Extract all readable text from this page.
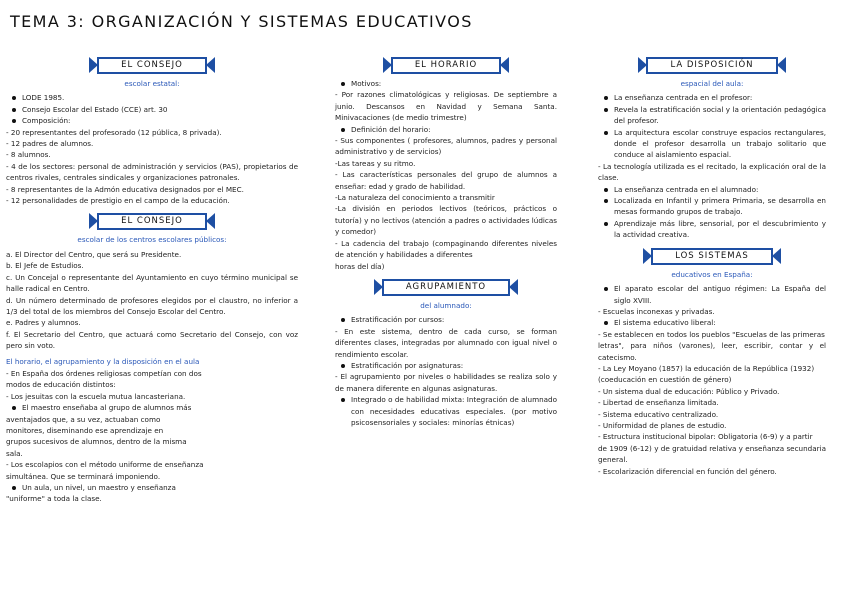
TEMA 3: ORGANIZACIÓN Y SISTEMAS EDUCATIVOS
EL CONSEJO
escolar estatal:
LODE 1985.
Consejo Escolar del Estado (CCE) art. 30
Composición:
- 20 representantes del profesorado (12 pública, 8 privada).
- 12 padres de alumnos.
- 8 alumnos.
- 4 de los sectores: personal de administración y servicios (PAS), propietarios de centros rivales, centrales sindicales y organizaciones patronales.
- 8 representantes de la Admón educativa designados por el MEC.
- 12 personalidades de prestigio en el campo de la educación.
EL CONSEJO
escolar de los centros escolares públicos:
a. El Director del Centro, que será su Presidente.
b. El Jefe de Estudios.
c. Un Concejal o representante del Ayuntamiento en cuyo término municipal se halle radical en Centro.
d. Un número determinado de profesores elegidos por el claustro, no inferior a 1/3 del total de los miembros del Consejo Escolar del Centro.
e. Padres y alumnos.
f. El Secretario del Centro, que actuará como Secretario del Consejo, con voz pero sin voto.
El horario, el agrupamiento y la disposición en el aula
- En España dos órdenes religiosas competían con dos
modos de educación distintos:
- Los jesuitas con la escuela mutua lancasteriana.
El maestro enseñaba al grupo de alumnos más
aventajados que, a su vez, actuaban como
monitores, diseminando ese aprendizaje en
grupos sucesivos de alumnos, dentro de la misma
sala.
- Los escolapios con el método uniforme de enseñanza
simultánea. Que se terminará imponiendo.
Un aula, un nivel, un maestro y enseñanza
"uniforme" a toda la clase.
EL HORARIO
Motivos:
- Por razones climatológicas y religiosas. De septiembre a junio. Descansos en Navidad y Semana Santa. Minivacaciones (de medio trimestre)
Definición del horario:
- Sus componentes ( profesores, alumnos, padres y personal administrativo y de servicios)
-Las tareas y su ritmo.
- Las características personales del grupo de alumnos a enseñar: edad y grado de habilidad.
-La naturaleza del conocimiento a transmitir
-La división en periodos lectivos (teóricos, prácticos o tutoría) y no lectivos (atención a padres o actividades lúdicas y comedor)
- La cadencia del trabajo (compaginando diferentes niveles de atención y habilidades a diferentes
horas del día)
AGRUPAMIENTO
del alumnado:
Estratificación por cursos:
- En este sistema, dentro de cada curso, se forman diferentes clases, integradas por alumnado con igual nivel o rendimiento escolar.
Estratificación por asignaturas:
- El agrupamiento por niveles o habilidades se realiza solo y de manera diferente en algunas asignaturas.
Integrado o de habilidad mixta: Integración de alumnado con necesidades educativas especiales. (por motivo psicosensoriales y sociales: minorías étnicas)
LA DISPOSICIÓN
espacial del aula:
La enseñanza centrada en el profesor:
Revela la estratificación social y la orientación pedagógica del profesor.
La arquitectura escolar construye espacios rectangulares, donde el profesor desarrolla un trabajo solitario que conduce al aislamiento espacial.
- La tecnología utilizada es el recitado, la explicación oral de la clase.
La enseñanza centrada en el alumnado:
Localizada en Infantil y primera Primaria, se desarrolla en mesas formando grupos de trabajo.
Aprendizaje más libre, sensorial, por el descubrimiento y la actividad creativa.
LOS SISTEMAS
educativos en España:
El aparato escolar del antiguo régimen: La España del siglo XVIII.
- Escuelas inconexas y privadas.
El sistema educativo liberal:
- Se establecen en todos los pueblos "Escuelas de las primeras
letras", para niños (varones), leer, escribir, contar y el catecismo.
- La Ley Moyano (1857) la educación de la República (1932)
(coeducación en cuestión de género)
- Un sistema dual de educación: Público y Privado.
- Libertad de enseñanza limitada.
- Sistema educativo centralizado.
- Uniformidad de planes de estudio.
- Estructura institucional bipolar: Obligatoria (6-9) y a partir
de 1909 (6-12) y de gratuidad relativa y enseñanza secundaria general.
- Escolarización diferencial en función del género.
